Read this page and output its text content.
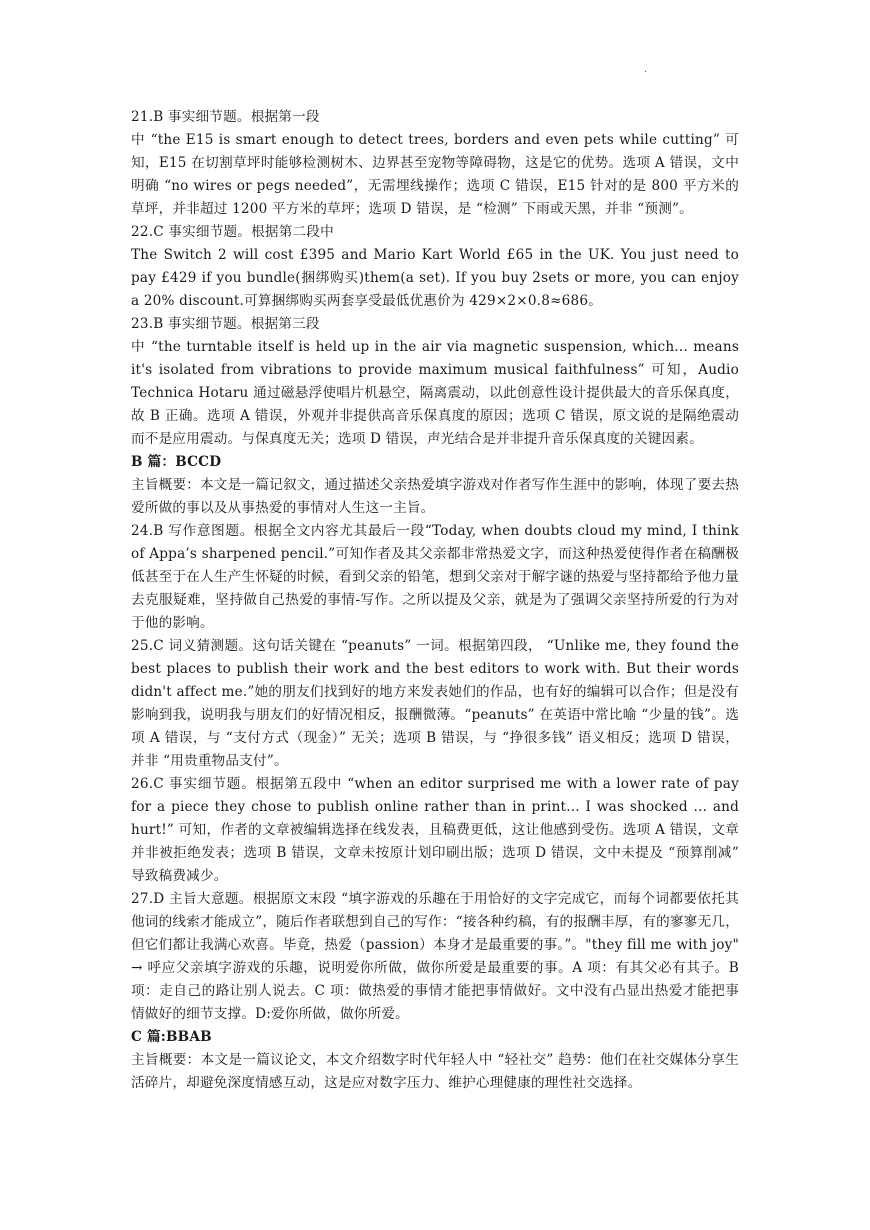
.

21.B 事实细节题。根据第一段

中 “the E15 is smart enough to detect trees, borders and even pets while cutting” 可知，E15 在切割草坪时能够检测树木、边界甚至宠物等障碍物，这是它的优势。选项 A 错误，文中明确 “no wires or pegs needed”，无需埋线操作；选项 C 错误，E15 针对的是 800 平方米的草坪，并非超过 1200 平方米的草坪；选项 D 错误，是 “检测” 下雨或天黑，并非 “预测”。

22.C 事实细节题。根据第二段中

The Switch 2 will cost £395 and Mario Kart World £65 in the UK. You just need to pay £429 if you bundle(捆绑购买)them(a set). If you buy 2sets or more, you can enjoy a 20% discount.可算捆绑购买两套享受最低优惠价为 429×2×0.8≈686。

23.B 事实细节题。根据第三段

中 “the turntable itself is held up in the air via magnetic suspension, which... means it's isolated from vibrations to provide maximum musical faithfulness” 可知，Audio Technica Hotaru 通过磁悬浮使唱片机悬空，隔离震动，以此创意性设计提供最大的音乐保真度，故 B 正确。选项 A 错误，外观并非提供高音乐保真度的原因；选项 C 错误，原文说的是隔绝震动而不是应用震动。与保真度无关；选项 D 错误，声光结合是并非提升音乐保真度的关键因素。

B 篇：BCCD

主旨概要：本文是一篇记叙文，通过描述父亲热爱填字游戏对作者写作生涯中的影响，体现了要去热爱所做的事以及从事热爱的事情对人生这一主旨。

24.B 写作意图题。根据全文内容尤其最后一段“Today, when doubts cloud my mind, I think of Appa’s sharpened pencil.”可知作者及其父亲都非常热爱文字，而这种热爱使得作者在稿酬极低甚至于在人生产生怀疑的时候，看到父亲的铅笔，想到父亲对于解字谜的热爱与坚持都给予他力量去克服疑难，坚持做自己热爱的事情-写作。之所以提及父亲，就是为了强调父亲坚持所爱的行为对于他的影响。

25.C 词义猜测题。这句话关键在 “peanuts” 一词。根据第四段， “Unlike me, they found the best places to publish their work and the best editors to work with. But their words didn't affect me.”她的朋友们找到好的地方来发表她们的作品，也有好的编辑可以合作；但是没有影响到我，说明我与朋友们的好情况相反，报酬微薄。“peanuts” 在英语中常比喻 “少量的钱”。选项 A 错误，与 “支付方式（现金）” 无关；选项 B 错误，与 “挣很多钱” 语义相反；选项 D 错误，并非 “用贵重物品支付”。

26.C 事实细节题。根据第五段中 “when an editor surprised me with a lower rate of pay for a piece they chose to publish online rather than in print... I was shocked ... and hurt!” 可知，作者的文章被编辑选择在线发表，且稿费更低，这让他感到受伤。选项 A 错误，文章并非被拒绝发表；选项 B 错误，文章未按原计划印刷出版；选项 D 错误，文中未提及 “预算削减” 导致稿费减少。

27.D 主旨大意题。根据原文末段 “填字游戏的乐趣在于用恰好的文字完成它，而每个词都要依托其他词的线索才能成立”，随后作者联想到自己的写作：“接各种约稿，有的报酬丰厚，有的寥寥无几，但它们都让我满心欢喜。毕竟，热爱（passion）本身才是最重要的事。”。"they fill me with joy" → 呼应父亲填字游戏的乐趣，说明爱你所做，做你所爱是最重要的事。A 项：有其父必有其子。B 项：走自己的路让别人说去。C 项：做热爱的事情才能把事情做好。文中没有凸显出热爱才能把事情做好的细节支撑。D:爱你所做，做你所爱。

C 篇:BBAB

主旨概要：本文是一篇议论文，本文介绍数字时代年轻人中 “轻社交” 趋势：他们在社交媒体分享生活碎片，却避免深度情感互动，这是应对数字压力、维护心理健康的理性社交选择。
